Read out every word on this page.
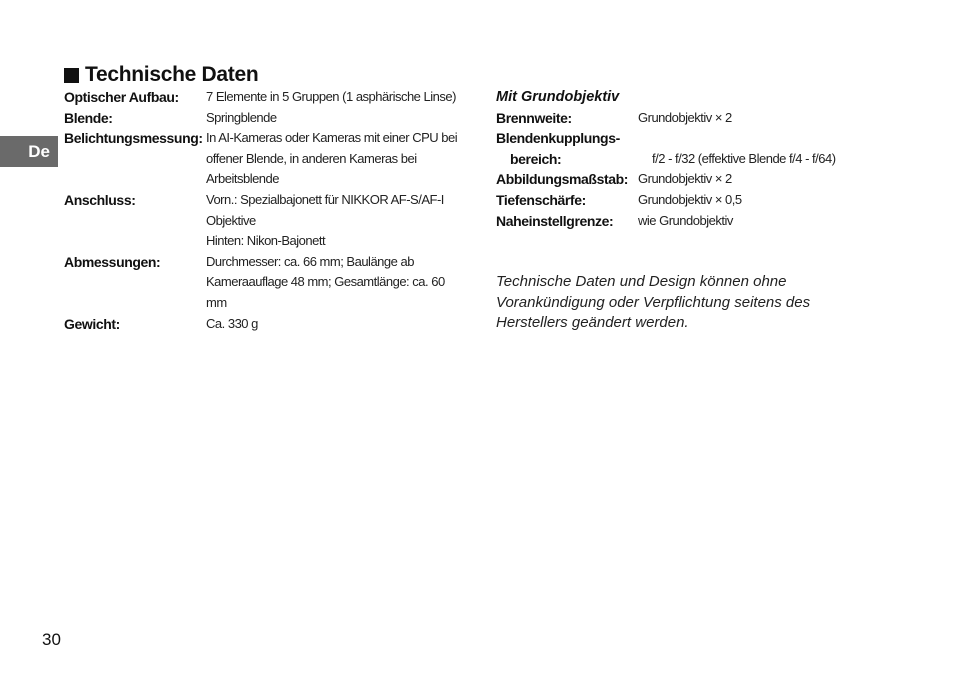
De
Technische Daten
Optischer Aufbau:	7 Elemente in 5 Gruppen (1 asphärische Linse)
Blende:	Springblende
Belichtungsmessung: In AI-Kameras oder Kameras mit einer CPU bei
offener Blende, in anderen Kameras bei
Arbeitsblende
Anschluss:	Vorn.: Spezialbajonett für NIKKOR AF-S/AF-I
Objektive
Hinten: Nikon-Bajonett
Abmessungen:	Durchmesser: ca. 66 mm; Baulänge ab
Kameraauflage 48 mm; Gesamtlänge: ca. 60 mm
Gewicht:	Ca. 330 g
Mit Grundobjektiv
Brennweite:	Grundobjektiv × 2
Blendenkupplungs-
bereich:	f/2 - f/32 (effektive Blende f/4 - f/64)
Abbildungsmaßstab: Grundobjektiv × 2
Tiefenschärfe:	Grundobjektiv × 0,5
Naheinstellgrenze:	wie Grundobjektiv
Technische Daten und Design können ohne Vorankündigung oder Verpflichtung seitens des Herstellers geändert werden.
30
